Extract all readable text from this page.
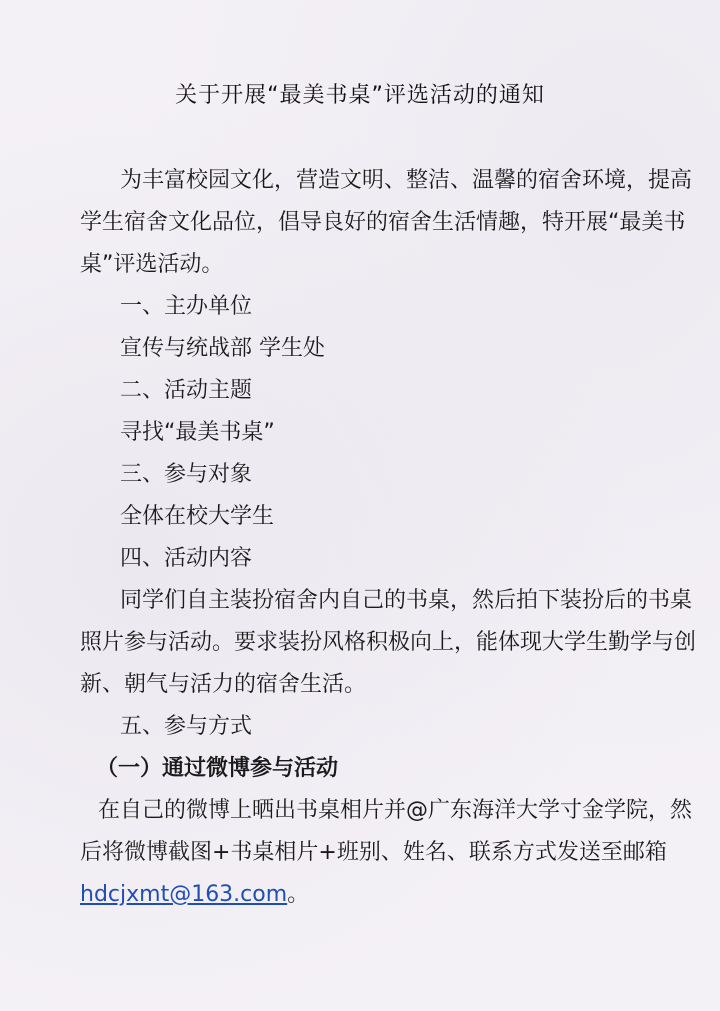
关于开展“最美书桌”评选活动的通知
为丰富校园文化，营造文明、整洁、温馨的宿舍环境，提高
学生宿舍文化品位，倡导良好的宿舍生活情趣，特开展“最美书
桌”评选活动。
一、主办单位
宣传与统战部 学生处
二、活动主题
寻找“最美书桌”
三、参与对象
全体在校大学生
四、活动内容
同学们自主装扮宿舍内自己的书桌，然后拍下装扮后的书桌
照片参与活动。要求装扮风格积极向上，能体现大学生勤学与创
新、朝气与活力的宿舍生活。
五、参与方式
（一）通过微博参与活动
在自己的微博上晒出书桌相片并@广东海洋大学寸金学院，然
后将微博截图+书桌相片+班别、姓名、联系方式发送至邮箱
hdcjxmt@163.com。
